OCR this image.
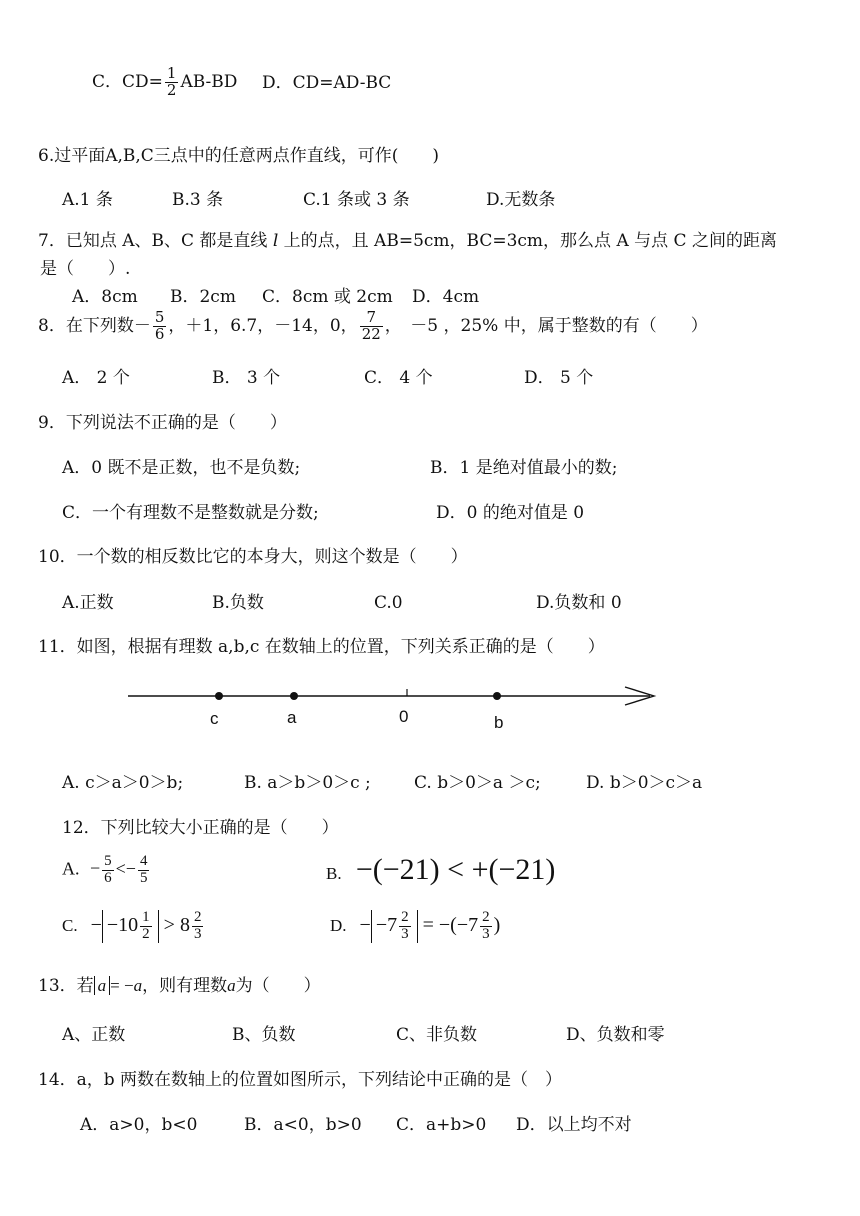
C．$CD= \frac{1}{2} AB-BD$ D．CD=AD-BC
6.过平面A,B,C三点中的任意两点作直线，可作(　　)
A.1 条	B.3 条	C.1 条或 3 条	D.无数条
7．已知点 A、B、C 都是直线 l 上的点，且 AB=5cm，BC=3cm，那么点 A 与点 C 之间的距离
是（　　）.
A．8cm B．2cm C．8cm 或 2cm D．4cm
8．在下列数－ $\frac{5}{6}$ ，＋1，6.7，－14，0， $\frac{7}{22}$ ，　－5 ，25% 中，属于整数的有（　　）
A． 2 个	B． 3 个	C． 4 个	D． 5 个
9．下列说法不正确的是（　　）
A．0 既不是正数，也不是负数;	B．1 是绝对值最小的数;
C．一个有理数不是整数就是分数;	D．0 的绝对值是 0
10．一个数的相反数比它的本身大，则这个数是（　　）
A.正数	B.负数	C.0	D.负数和 0
11．如图，根据有理数 a,b,c 在数轴上的位置，下列关系正确的是（　　）
c	a	0	b
A. c＞a＞0＞b;	B. a＞b＞0＞c ;	C. b＞0＞a ＞c;	D. b＞0＞c＞a
12．下列比较大小正确的是（　　）
A. − $\frac{5}{6} <- \frac{4}{5}$	B. −(−21) < +(−21)
C. − $-10 \frac{1}{2} > 8 \frac{2}{3}$	D. − $-7 \frac{2}{3} = -(-7 \frac{2}{3}$ )
13．若 a = −a，则有理数a为（　　）
A、正数	B、负数	C、非负数	D、负数和零
14．a，b 两数在数轴上的位置如图所示，下列结论中正确的是（　）
A．a>0，b<0	B．a<0，b>0 C．a+b>0 D．以上均不对
